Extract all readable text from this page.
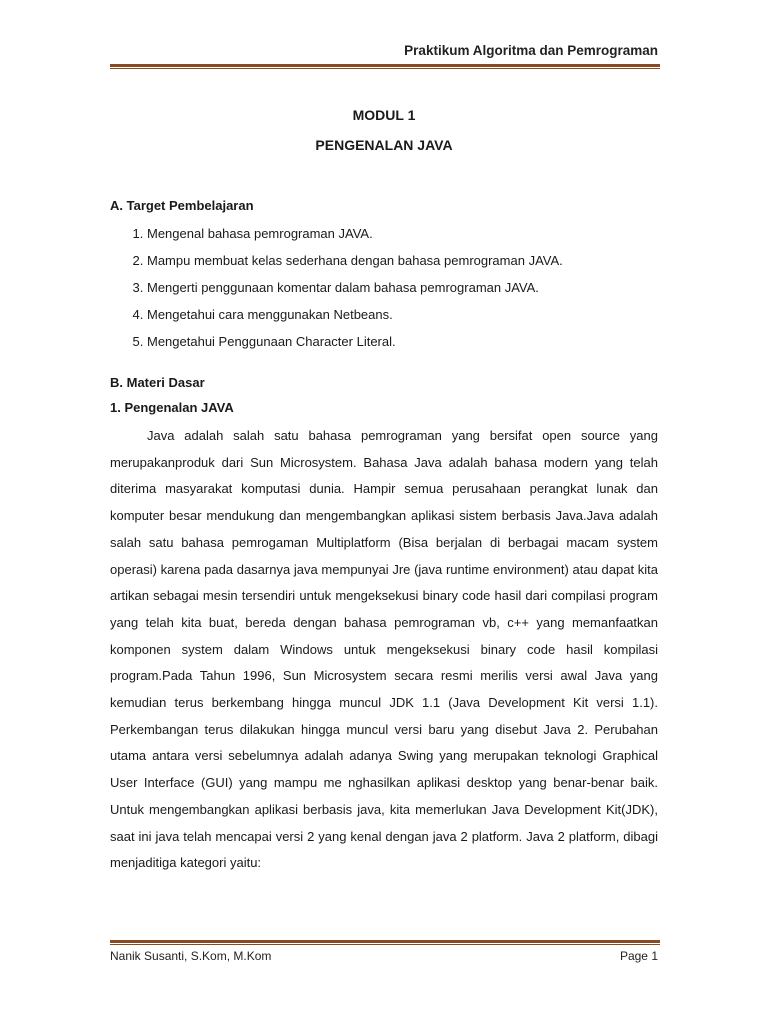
Praktikum Algoritma dan Pemrograman
MODUL 1
PENGENALAN JAVA
A. Target Pembelajaran
1. Mengenal bahasa pemrograman JAVA.
2. Mampu membuat kelas sederhana dengan bahasa pemrograman JAVA.
3. Mengerti penggunaan komentar dalam bahasa pemrograman JAVA.
4. Mengetahui cara menggunakan Netbeans.
5. Mengetahui Penggunaan Character Literal.
B. Materi Dasar
1. Pengenalan JAVA

Java adalah salah satu bahasa pemrograman yang bersifat open source yang merupakanproduk dari Sun Microsystem. Bahasa Java adalah bahasa modern yang telah diterima masyarakat komputasi dunia. Hampir semua perusahaan perangkat lunak dan komputer besar mendukung dan mengembangkan aplikasi sistem berbasis Java.Java adalah salah satu bahasa pemrogaman Multiplatform (Bisa berjalan di berbagai macam system operasi) karena pada dasarnya java mempunyai Jre (java runtime environment) atau dapat kita artikan sebagai mesin tersendiri untuk mengeksekusi binary code hasil dari compilasi program yang telah kita buat, bereda dengan bahasa pemrograman vb, c++ yang memanfaatkan komponen system dalam Windows untuk mengeksekusi binary code hasil kompilasi program.Pada Tahun 1996, Sun Microsystem secara resmi merilis versi awal Java yang kemudian terus berkembang hingga muncul JDK 1.1 (Java Development Kit versi 1.1). Perkembangan terus dilakukan hingga muncul versi baru yang disebut Java 2. Perubahan utama antara versi sebelumnya adalah adanya Swing yang merupakan teknologi Graphical User Interface (GUI) yang mampu me nghasilkan aplikasi desktop yang benar-benar baik. Untuk mengembangkan aplikasi berbasis java, kita memerlukan Java Development Kit(JDK), saat ini java telah mencapai versi 2 yang kenal dengan java 2 platform. Java 2 platform, dibagi menjaditiga kategori yaitu:

Nanik Susanti, S.Kom, M.Kom	Page 1
